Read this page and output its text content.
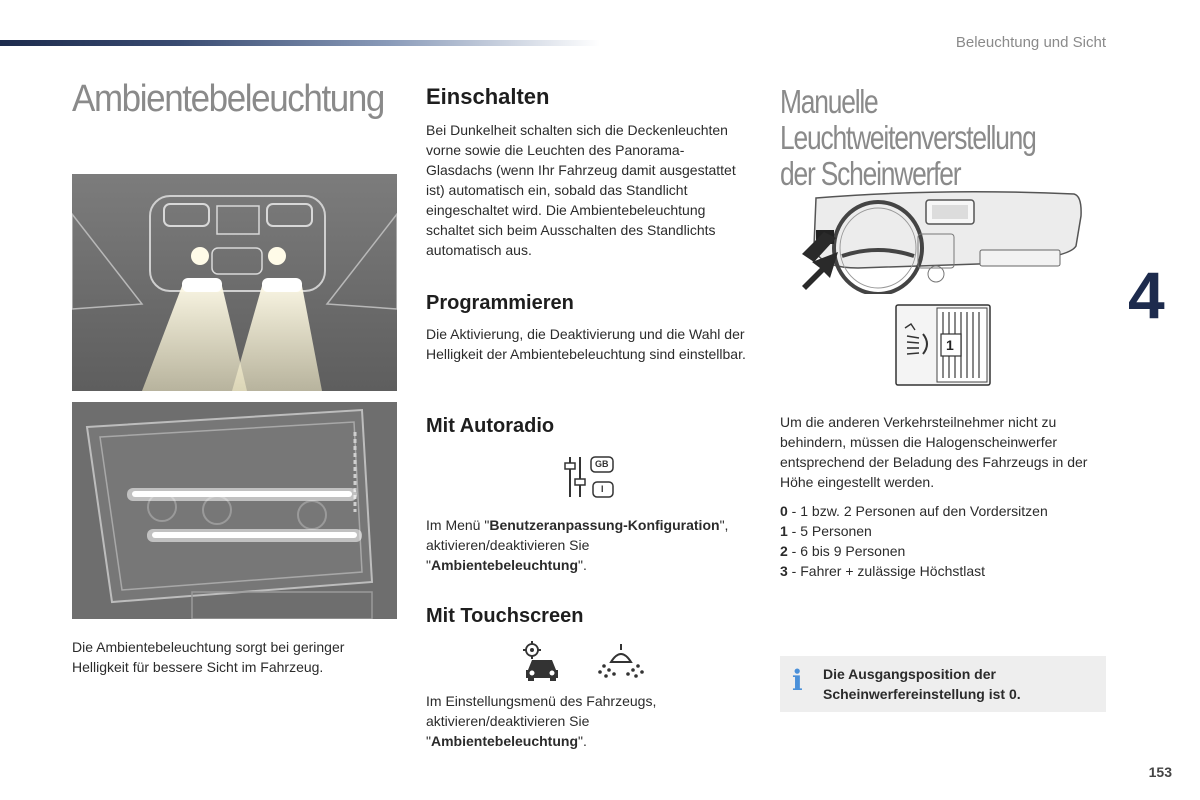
Beleuchtung und Sicht
4
153
Ambientebeleuchtung

Die Ambientebeleuchtung sorgt bei geringer Helligkeit für bessere Sicht im Fahrzeug.

Einschalten

Bei Dunkelheit schalten sich die Deckenleuchten vorne sowie die Leuchten des Panorama-Glasdachs (wenn Ihr Fahrzeug damit ausgestattet ist) automatisch ein, sobald das Standlicht eingeschaltet wird. Die Ambientebeleuchtung schaltet sich beim Ausschalten des Standlichts automatisch aus.

Programmieren

Die Aktivierung, die Deaktivierung und die Wahl der Helligkeit der Ambientebeleuchtung sind einstellbar.

Mit Autoradio
GB
I

Im Menü "Benutzeranpassung-Konfiguration", aktivieren/deaktivieren Sie "Ambientebeleuchtung".

Mit Touchscreen

Im Einstellungsmenü des Fahrzeugs, aktivieren/deaktivieren Sie "Ambientebeleuchtung".

Manuelle Leuchtweitenverstellung
der Scheinwerfer
1

Um die anderen Verkehrsteilnehmer nicht zu behindern, müssen die Halogenscheinwerfer entsprechend der Beladung des Fahrzeugs in der Höhe eingestellt werden.

0 - 1 bzw. 2 Personen auf den Vordersitzen
1 - 5 Personen
2 - 6 bis 9 Personen
3 - Fahrer + zulässige Höchstlast
i Die Ausgangsposition der Scheinwerfereinstellung ist 0.
